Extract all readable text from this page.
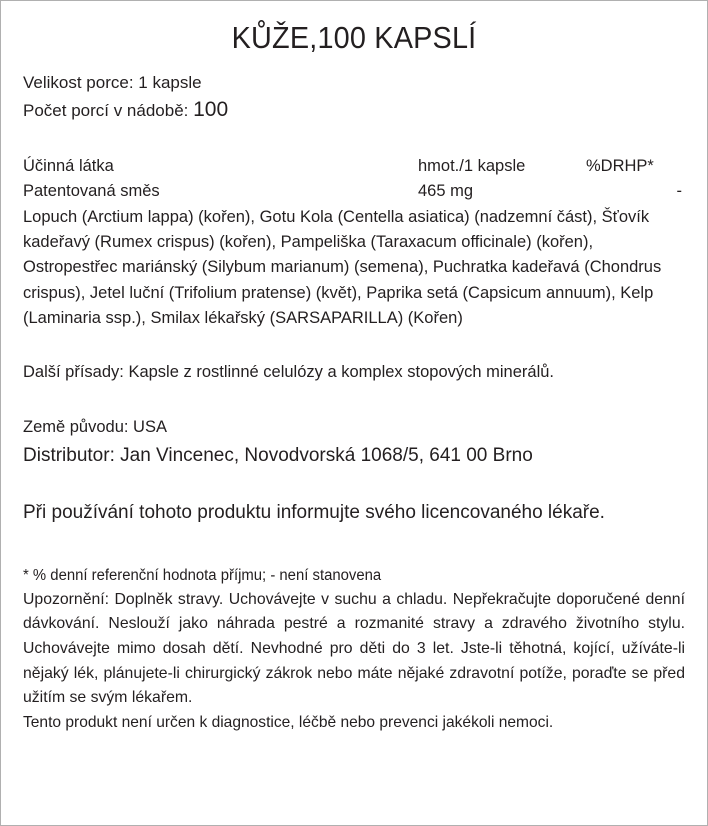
KŮŽE,100 KAPSLÍ
Velikost porce: 1 kapsle
Počet porcí v nádobě: 100
Účinná látka	hmot./1 kapsle	%DRHP*
Patentovaná směs	465 mg	-
Lopuch (Arctium lappa) (kořen), Gotu Kola (Centella asiatica) (nadzemní část), Šťovík kadeřavý (Rumex crispus) (kořen), Pampeliška (Taraxacum officinale) (kořen), Ostropestřec mariánský (Silybum marianum) (semena), Puchratka kadeřavá (Chondrus crispus), Jetel luční (Trifolium pratense) (květ), Paprika setá (Capsicum annuum), Kelp (Laminaria ssp.), Smilax lékařský (SARSAPARILLA) (Kořen)
Další přísady: Kapsle z rostlinné celulózy a komplex stopových minerálů.
Země původu: USA
Distributor: Jan Vincenec, Novodvorská 1068/5, 641 00 Brno
Při používání tohoto produktu informujte svého licencovaného lékaře.
* % denní referenční hodnota příjmu; - není stanovena
Upozornění: Doplněk stravy. Uchovávejte v suchu a chladu. Nepřekračujte doporučené denní dávkování. Neslouží jako náhrada pestré a rozmanité stravy a zdravého životního stylu. Uchovávejte mimo dosah dětí. Nevhodné pro děti do 3 let. Jste-li těhotná, kojící, užíváte-li nějaký lék, plánujete-li chirurgický zákrok nebo máte nějaké zdravotní potíže, poraďte se před užitím se svým lékařem.
Tento produkt není určen k diagnostice, léčbě nebo prevenci jakékoli nemoci.
